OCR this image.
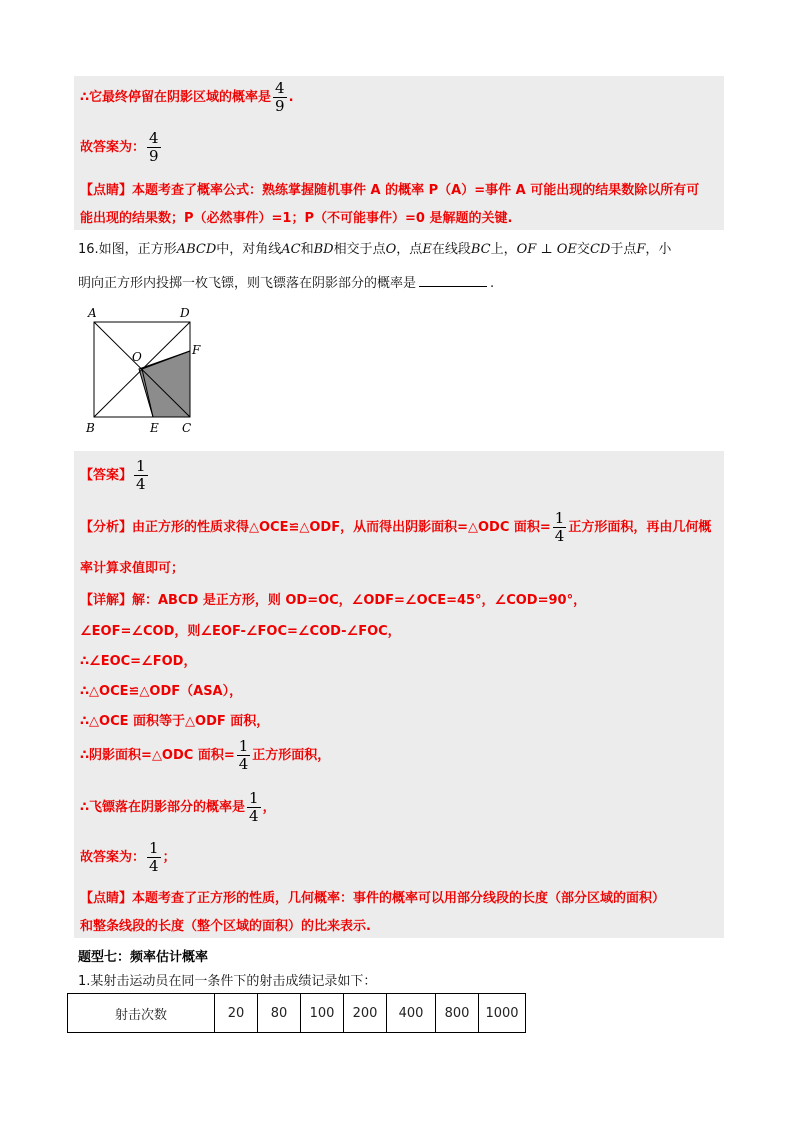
∴它最终停留在阴影区域的概率是 $\frac{4}{9}$ .
故答案为： $\frac{4}{9}$
【点睛】本题考查了概率公式：熟练掌握随机事件 A 的概率 P（A）=事件 A 可能出现的结果数除以所有可
能出现的结果数；P（必然事件）=1；P（不可能事件）=0 是解题的关键.
16.如图，正方形ABCD中，对角线AC和BD相交于点O，点E在线段BC上，OF ⊥ OE交CD于点F，小
明向正方形内投掷一枚飞镖，则飞镖落在阴影部分的概率是	.
A	D
O	F
B	E C
【答案】 $\frac{1}{4}$
【分析】由正方形的性质求得△OCE≌△ODF，从而得出阴影面积=△ODC 面积= $\frac{1}{4}$ 正方形面积，再由几何概
率计算求值即可；
【详解】解：ABCD 是正方形，则 OD=OC，∠ODF=∠OCE=45°，∠COD=90°，
∠EOF=∠COD，则∠EOF-∠FOC=∠COD-∠FOC，
∴∠EOC=∠FOD，
∴△OCE≌△ODF（ASA），
∴△OCE 面积等于△ODF 面积，
∴阴影面积=△ODC 面积= $\frac{1}{4}$ 正方形面积，
∴飞镖落在阴影部分的概率是 $\frac{1}{4}$ ，
故答案为： $\frac{1}{4}$ ；
【点睛】本题考查了正方形的性质，几何概率：事件的概率可以用部分线段的长度（部分区域的面积）
和整条线段的长度（整个区域的面积）的比来表示.
题型七：频率估计概率
1.某射击运动员在同一条件下的射击成绩记录如下：
射击次数	20	80	100	200	400	800	1000
